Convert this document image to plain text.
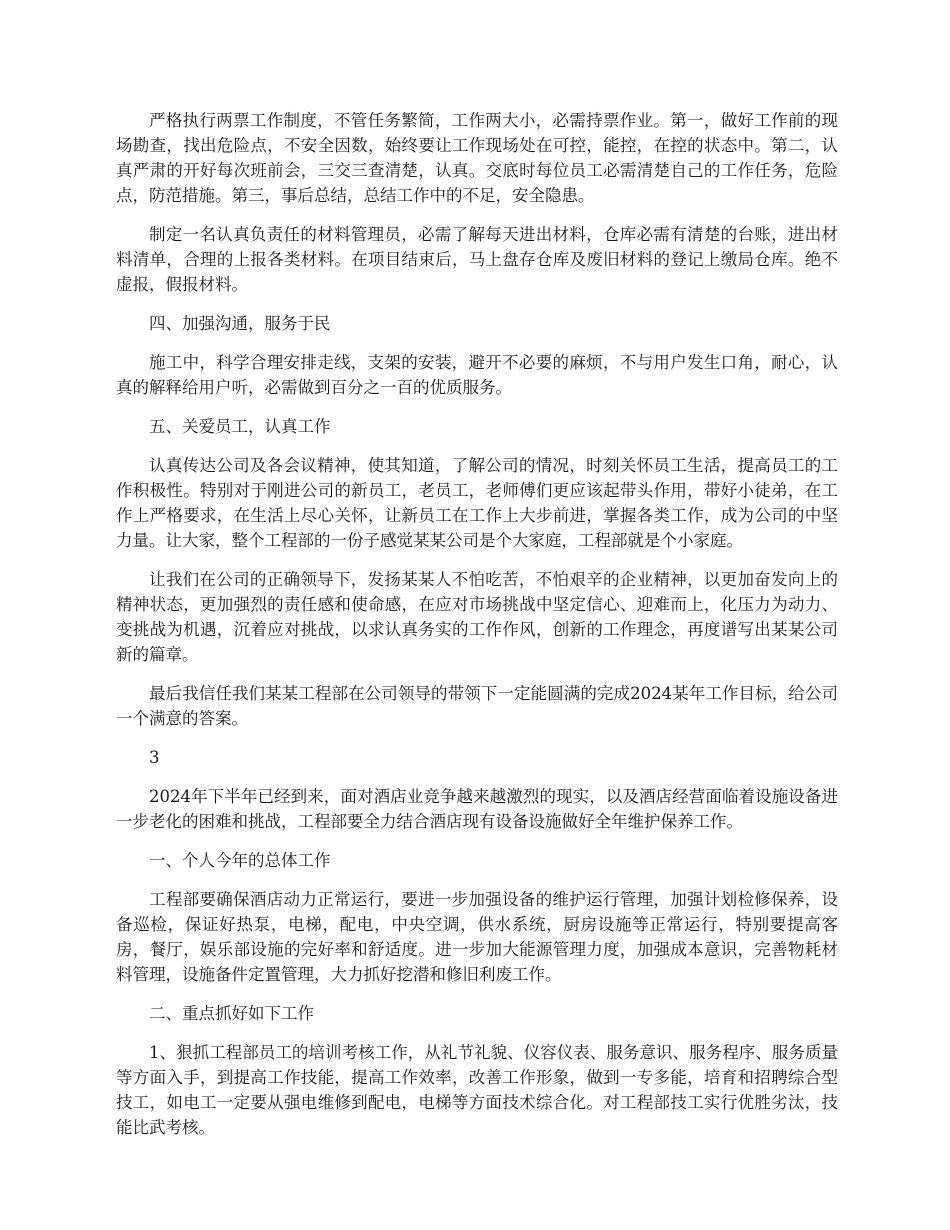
严格执行两票工作制度，不管任务繁简，工作两大小，必需持票作业。第一，做好工作前的现场勘查，找出危险点，不安全因数，始终要让工作现场处在可控，能控，在控的状态中。第二，认真严肃的开好每次班前会，三交三查清楚，认真。交底时每位员工必需清楚自己的工作任务，危险点，防范措施。第三，事后总结，总结工作中的不足，安全隐患。

制定一名认真负责任的材料管理员，必需了解每天进出材料，仓库必需有清楚的台账，进出材料清单，合理的上报各类材料。在项目结束后，马上盘存仓库及废旧材料的登记上缴局仓库。绝不虚报，假报材料。

四、加强沟通，服务于民

施工中，科学合理安排走线，支架的安装，避开不必要的麻烦，不与用户发生口角，耐心，认真的解释给用户听，必需做到百分之一百的优质服务。

五、关爱员工，认真工作

认真传达公司及各会议精神，使其知道，了解公司的情况，时刻关怀员工生活，提高员工的工作积极性。特别对于刚进公司的新员工，老员工，老师傅们更应该起带头作用，带好小徒弟，在工作上严格要求，在生活上尽心关怀，让新员工在工作上大步前进，掌握各类工作，成为公司的中坚力量。让大家，整个工程部的一份子感觉某某公司是个大家庭，工程部就是个小家庭。

让我们在公司的正确领导下，发扬某某人不怕吃苦，不怕艰辛的企业精神，以更加奋发向上的精神状态，更加强烈的责任感和使命感，在应对市场挑战中坚定信心、迎难而上，化压力为动力、变挑战为机遇，沉着应对挑战，以求认真务实的工作作风，创新的工作理念，再度谱写出某某公司新的篇章。

最后我信任我们某某工程部在公司领导的带领下一定能圆满的完成2024某年工作目标，给公司一个满意的答案。

3

2024年下半年已经到来，面对酒店业竞争越来越激烈的现实，以及酒店经营面临着设施设备进一步老化的困难和挑战，工程部要全力结合酒店现有设备设施做好全年维护保养工作。

一、个人今年的总体工作

工程部要确保酒店动力正常运行，要进一步加强设备的维护运行管理，加强计划检修保养，设备巡检，保证好热泵，电梯，配电，中央空调，供水系统，厨房设施等正常运行，特别要提高客房，餐厅，娱乐部设施的完好率和舒适度。进一步加大能源管理力度，加强成本意识，完善物耗材料管理，设施备件定置管理，大力抓好挖潜和修旧利废工作。

二、重点抓好如下工作

1、狠抓工程部员工的培训考核工作，从礼节礼貌、仪容仪表、服务意识、服务程序、服务质量等方面入手，到提高工作技能，提高工作效率，改善工作形象，做到一专多能，培育和招聘综合型技工，如电工一定要从强电维修到配电，电梯等方面技术综合化。对工程部技工实行优胜劣汰，技能比武考核。
